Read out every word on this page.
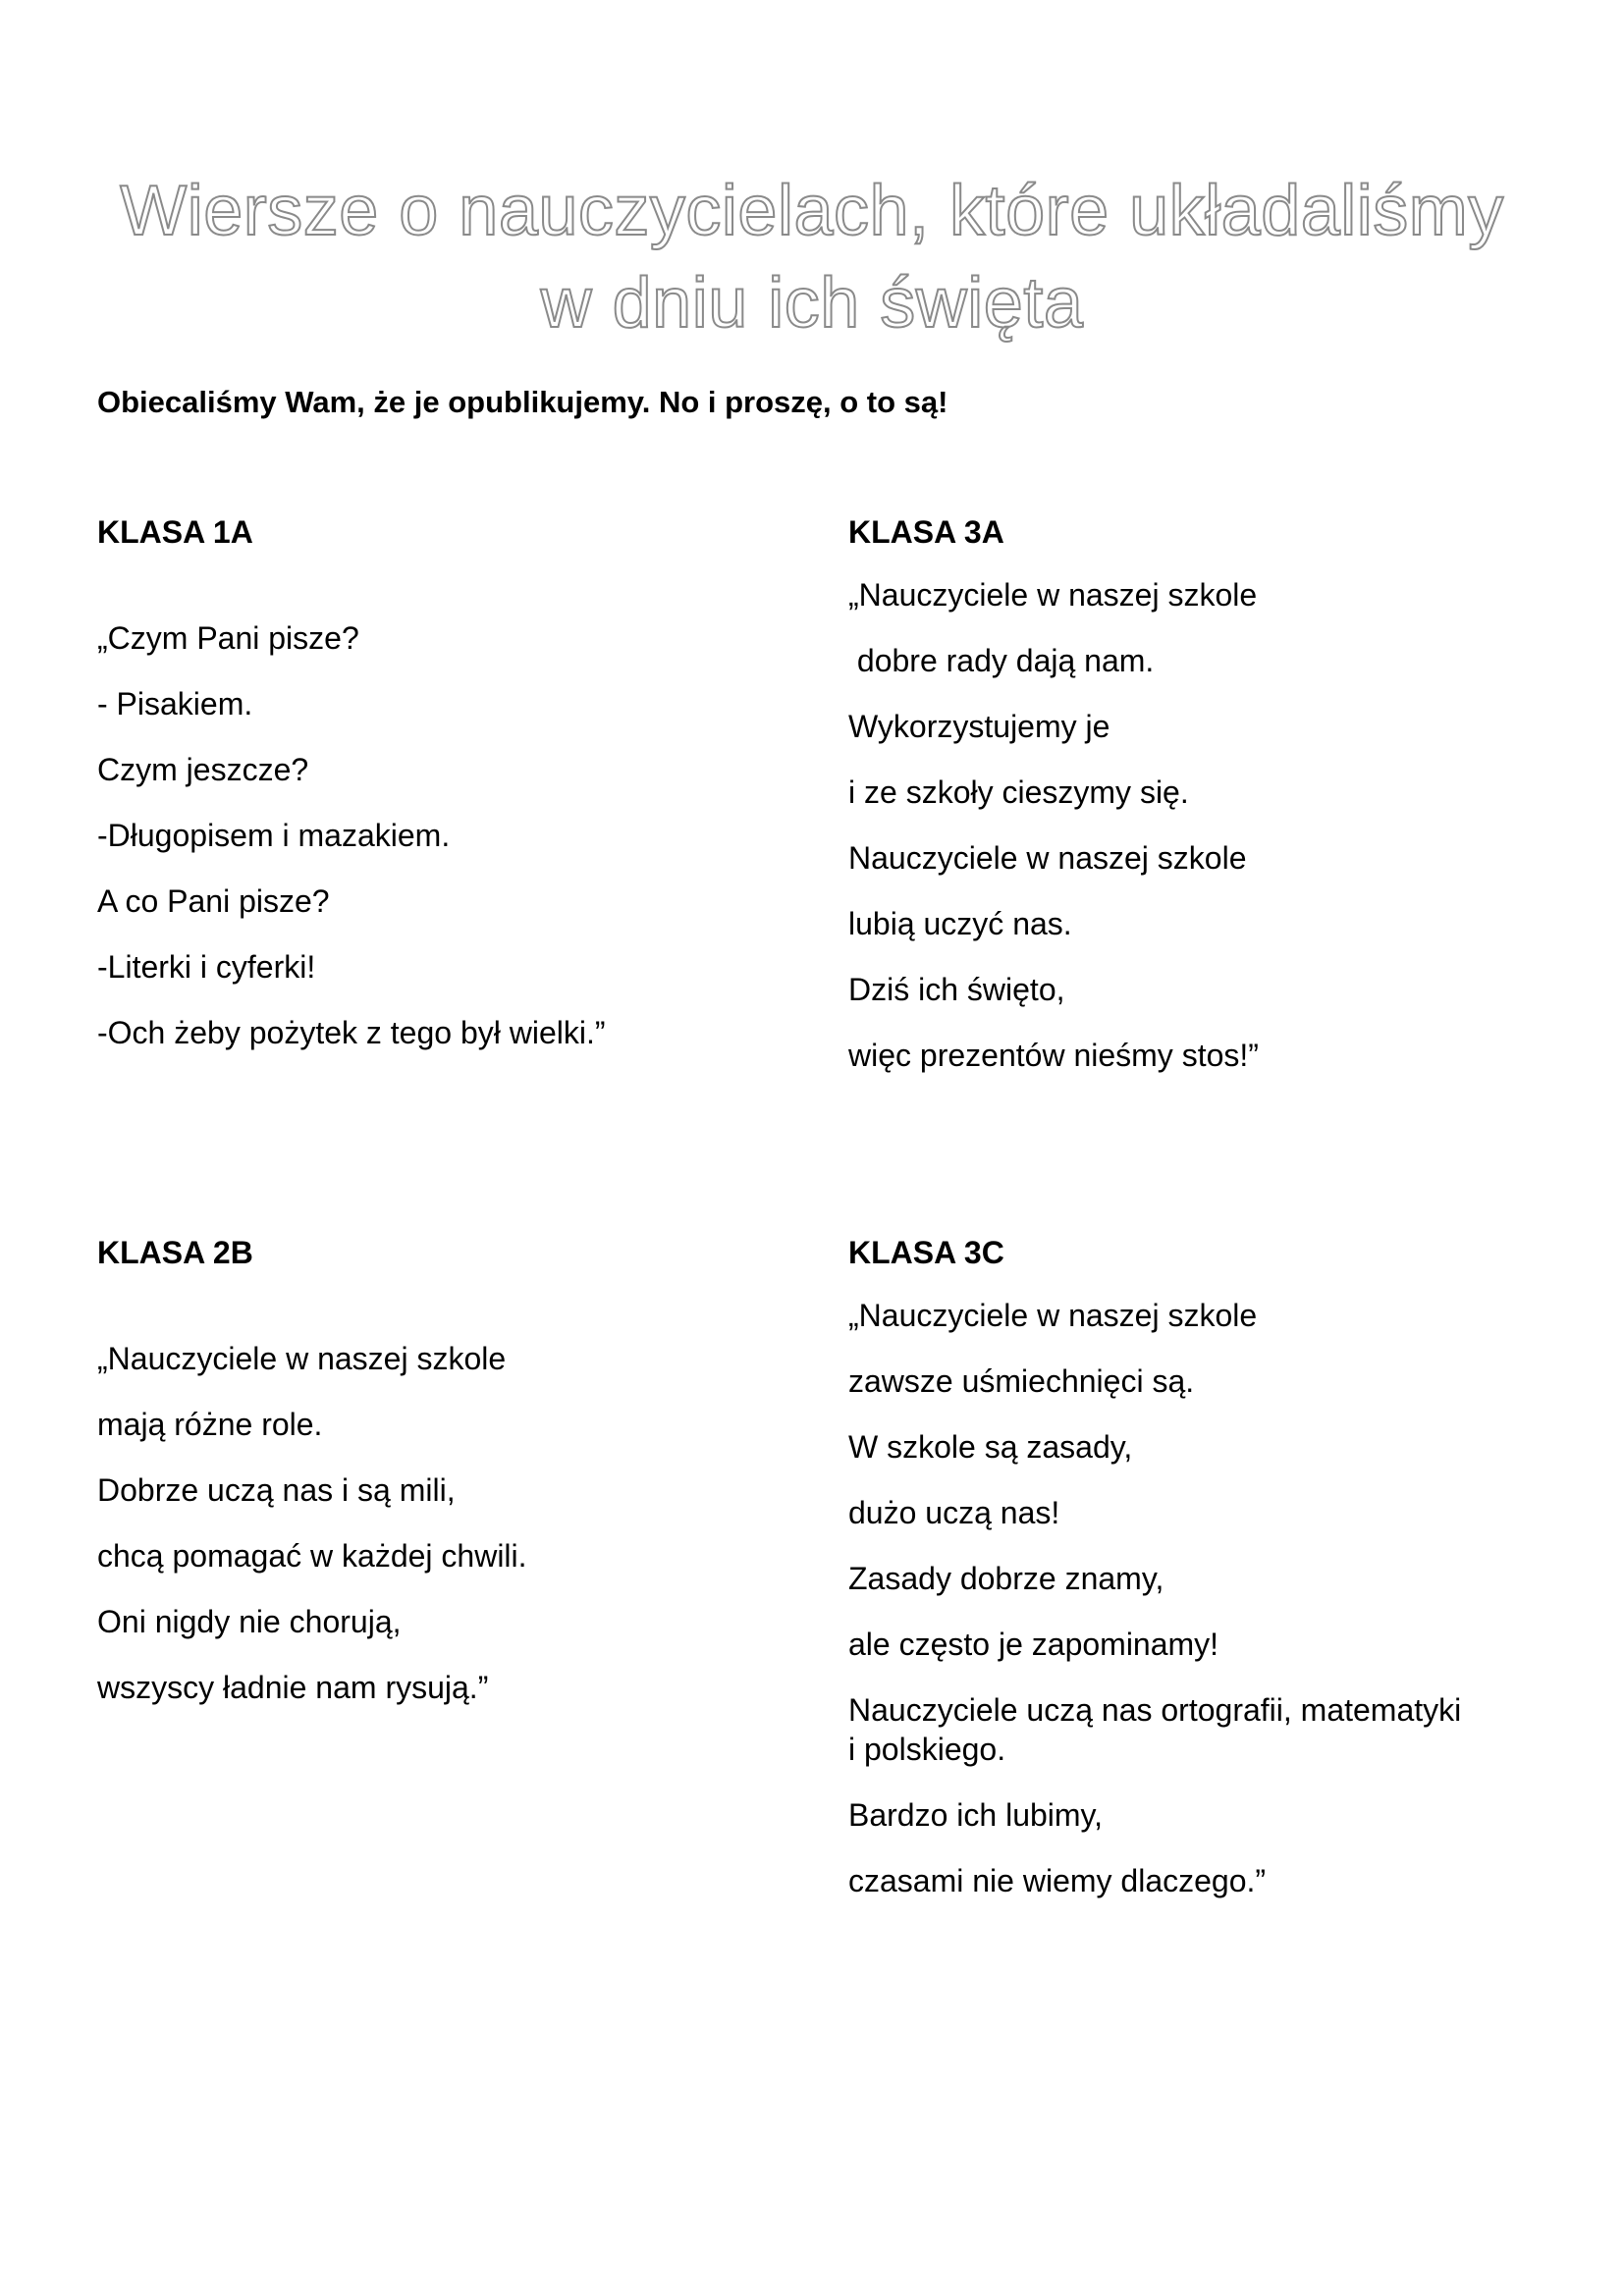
Wiersze o nauczycielach, które układaliśmy
w dniu ich święta
Obiecaliśmy Wam, że je opublikujemy. No i proszę, o to są!
KLASA 1A
„Czym Pani pisze?
- Pisakiem.
Czym jeszcze?
-Długopisem i mazakiem.
A co Pani pisze?
-Literki i cyferki!
-Och żeby pożytek z tego był wielki.”
KLASA 3A
„Nauczyciele w naszej szkole
dobre rady dają nam.
Wykorzystujemy je
i ze szkoły cieszymy się.
Nauczyciele w naszej szkole
lubią uczyć nas.
Dziś ich święto,
więc prezentów nieśmy stos!”
KLASA 2B
„Nauczyciele w naszej szkole
mają różne role.
Dobrze uczą nas i są mili,
chcą pomagać w każdej chwili.
Oni nigdy nie chorują,
wszyscy ładnie nam rysują.”
KLASA 3C
„Nauczyciele w naszej szkole
zawsze uśmiechnięci są.
W szkole są zasady,
dużo uczą nas!
Zasady dobrze znamy,
ale często je zapominamy!
Nauczyciele uczą nas ortografii, matematyki
i polskiego.
Bardzo ich lubimy,
czasami nie wiemy dlaczego.”
